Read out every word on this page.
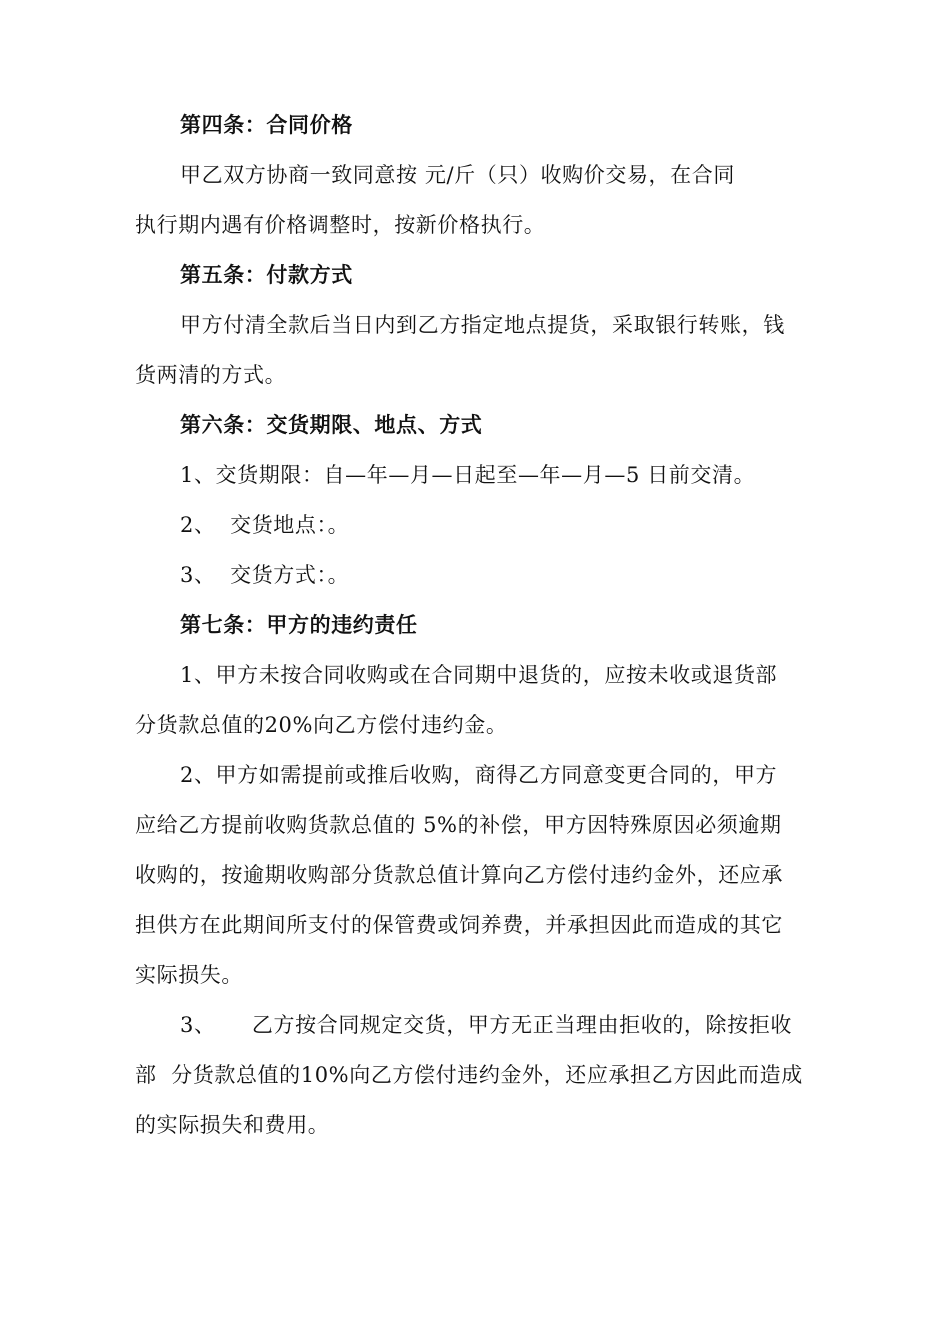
第四条：合同价格
甲乙双方协商一致同意按 元/斤（只）收购价交易，在合同
执行期内遇有价格调整时，按新价格执行。
第五条：付款方式
甲方付清全款后当日内到乙方指定地点提货，采取银行转账，钱
货两清的方式。
第六条：交货期限、地点、方式
1、交货期限：自—年—月—日起至—年—月—5 日前交清。
2、  交货地点：。
3、  交货方式：。
第七条：甲方的违约责任
1、甲方未按合同收购或在合同期中退货的，应按未收或退货部
分货款总值的20%向乙方偿付违约金。
2、甲方如需提前或推后收购，商得乙方同意变更合同的，甲方
应给乙方提前收购货款总值的 5%的补偿，甲方因特殊原因必须逾期
收购的，按逾期收购部分货款总值计算向乙方偿付违约金外，还应承
担供方在此期间所支付的保管费或饲养费，并承担因此而造成的其它
实际损失。
3、     乙方按合同规定交货，甲方无正当理由拒收的，除按拒收
部  分货款总值的10%向乙方偿付违约金外，还应承担乙方因此而造成
的实际损失和费用。
